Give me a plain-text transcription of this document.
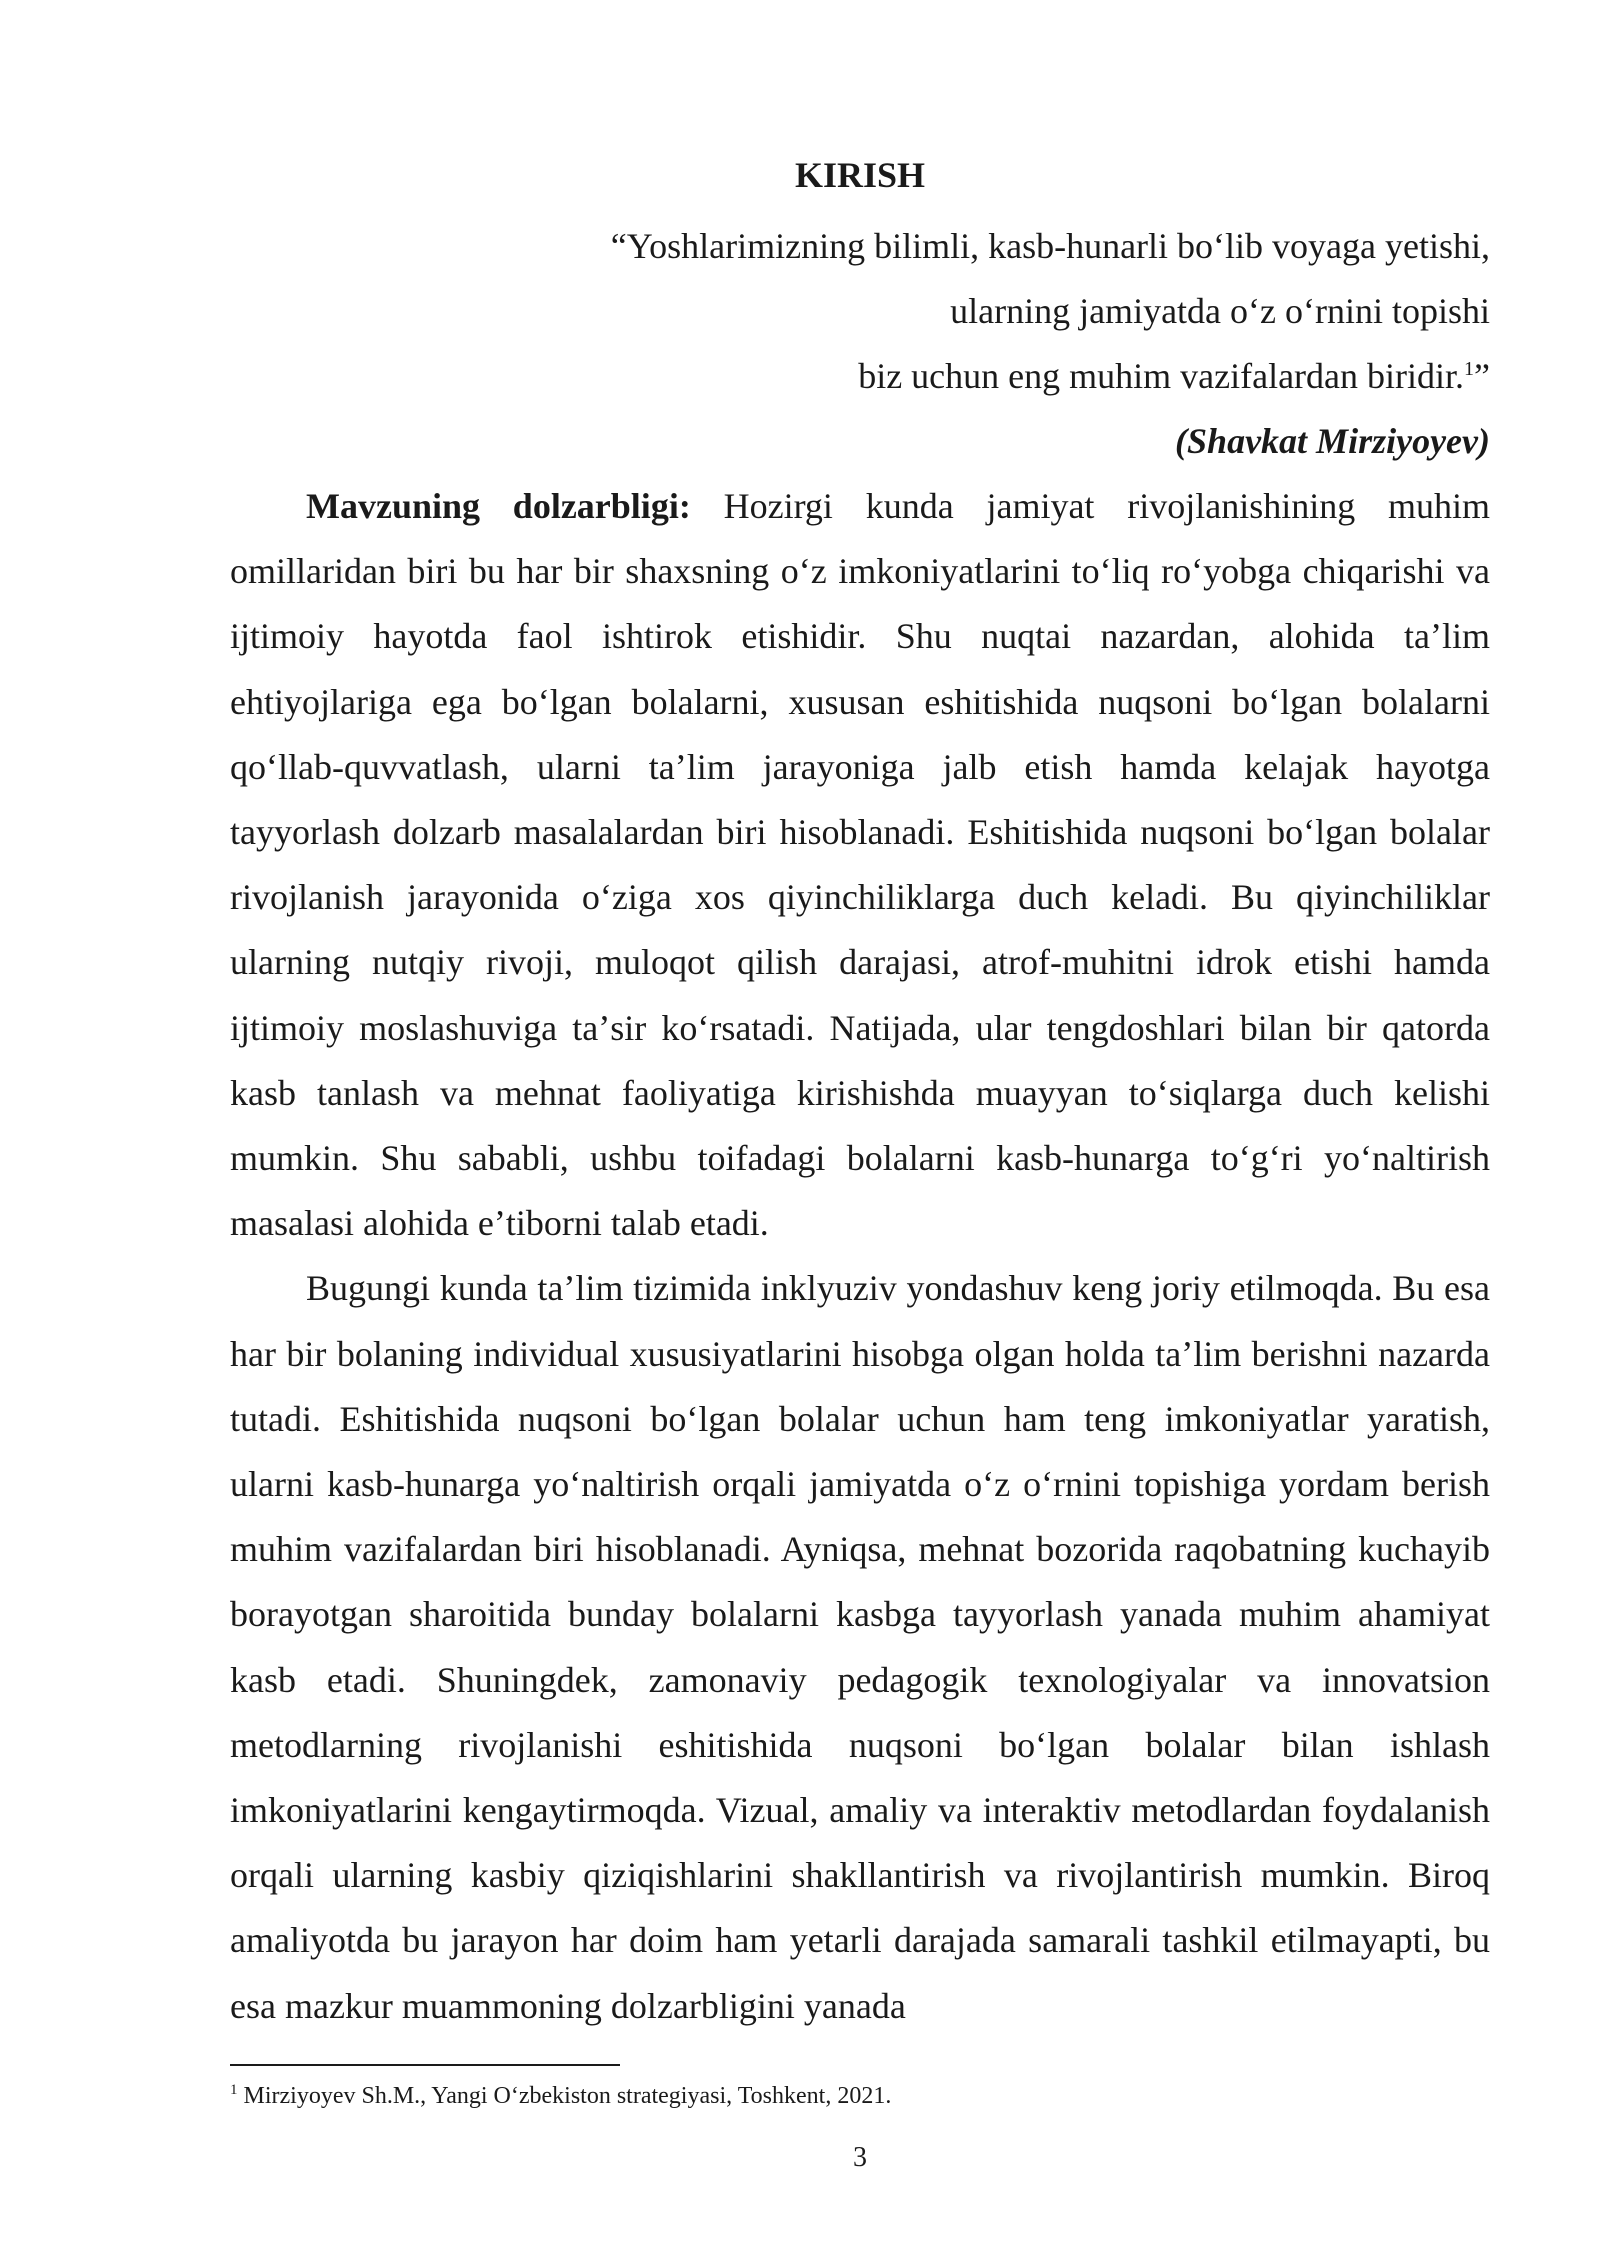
KIRISH
“Yoshlarimizning bilimli, kasb-hunarli boʻlib voyaga yetishi,
ularning jamiyatda oʻz oʻrnini topishi
biz uchun eng muhim vazifalardan biridir.$^1$”
(Shavkat Mirziyoyev)

Mavzuning dolzarbligi: Hozirgi kunda jamiyat rivojlanishining muhim omillaridan biri bu har bir shaxsning oʻz imkoniyatlarini toʻliq roʻyobga chiqarishi va ijtimoiy hayotda faol ishtirok etishidir. Shu nuqtai nazardan, alohida taʼlim ehtiyojlariga ega boʻlgan bolalarni, xususan eshitishida nuqsoni boʻlgan bolalarni qoʻllab-quvvatlash, ularni taʼlim jarayoniga jalb etish hamda kelajak hayotga tayyorlash dolzarb masalalardan biri hisoblanadi. Eshitishida nuqsoni boʻlgan bolalar rivojlanish jarayonida oʻziga xos qiyinchiliklarga duch keladi. Bu qiyinchiliklar ularning nutqiy rivoji, muloqot qilish darajasi, atrof-muhitni idrok etishi hamda ijtimoiy moslashuviga taʼsir koʻrsatadi. Natijada, ular tengdoshlari bilan bir qatorda kasb tanlash va mehnat faoliyatiga kirishishda muayyan toʻsiqlarga duch kelishi mumkin. Shu sababli, ushbu toifadagi bolalarni kasb-hunarga toʻgʻri yoʻnaltirish masalasi alohida eʼtiborni talab etadi.

Bugungi kunda taʼlim tizimida inklyuziv yondashuv keng joriy etilmoqda. Bu esa har bir bolaning individual xususiyatlarini hisobga olgan holda taʼlim berishni nazarda tutadi. Eshitishida nuqsoni boʻlgan bolalar uchun ham teng imkoniyatlar yaratish, ularni kasb-hunarga yoʻnaltirish orqali jamiyatda oʻz oʻrnini topishiga yordam berish muhim vazifalardan biri hisoblanadi. Ayniqsa, mehnat bozorida raqobatning kuchayib borayotgan sharoitida bunday bolalarni kasbga tayyorlash yanada muhim ahamiyat kasb etadi. Shuningdek, zamonaviy pedagogik texnologiyalar va innovatsion metodlarning rivojlanishi eshitishida nuqsoni boʻlgan bolalar bilan ishlash imkoniyatlarini kengaytirmoqda. Vizual, amaliy va interaktiv metodlardan foydalanish orqali ularning kasbiy qiziqishlarini shakllantirish va rivojlantirish mumkin. Biroq amaliyotda bu jarayon har doim ham yetarli darajada samarali tashkil etilmayapti, bu esa mazkur muammoning dolzarbligini yanada

$^1$ Mirziyoyev Sh.M., Yangi Oʻzbekiston strategiyasi, Toshkent, 2021.
3
